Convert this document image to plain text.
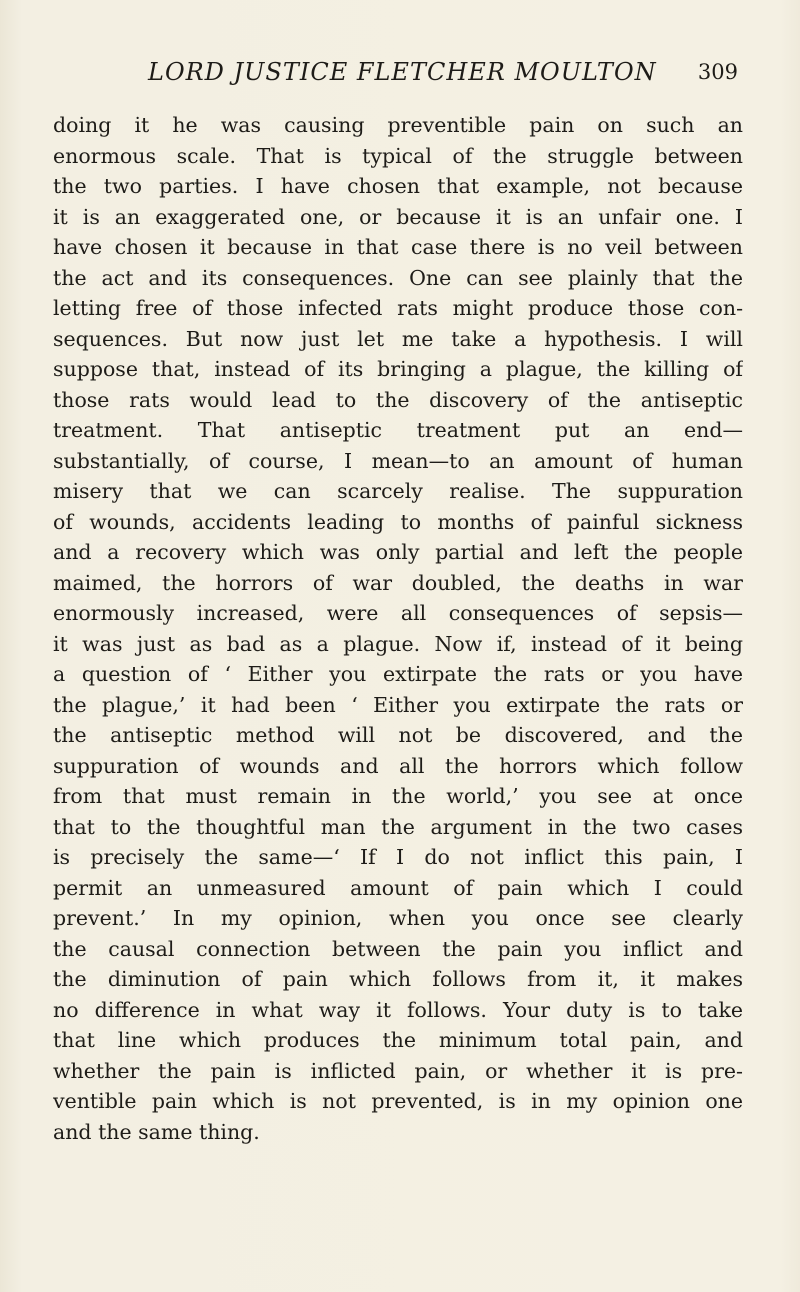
LORD JUSTICE FLETCHER MOULTON 309
doing it he was causing preventible pain on such an
enormous scale. That is typical of the struggle between
the two parties. I have chosen that example, not because
it is an exaggerated one, or because it is an unfair one. I
have chosen it because in that case there is no veil between
the act and its consequences. One can see plainly that the
letting free of those infected rats might produce those con-
sequences. But now just let me take a hypothesis. I will
suppose that, instead of its bringing a plague, the killing of
those rats would lead to the discovery of the antiseptic
treatment. That antiseptic treatment put an end—
substantially, of course, I mean—to an amount of human
misery that we can scarcely realise. The suppuration
of wounds, accidents leading to months of painful sickness
and a recovery which was only partial and left the people
maimed, the horrors of war doubled, the deaths in war
enormously increased, were all consequences of sepsis—
it was just as bad as a plague. Now if, instead of it being
a question of ‘ Either you extirpate the rats or you have
the plague,’ it had been ‘ Either you extirpate the rats or
the antiseptic method will not be discovered, and the
suppuration of wounds and all the horrors which follow
from that must remain in the world,’ you see at once
that to the thoughtful man the argument in the two cases
is precisely the same—‘ If I do not inflict this pain, I
permit an unmeasured amount of pain which I could
prevent.’ In my opinion, when you once see clearly
the causal connection between the pain you inflict and
the diminution of pain which follows from it, it makes
no difference in what way it follows. Your duty is to take
that line which produces the minimum total pain, and
whether the pain is inflicted pain, or whether it is pre-
ventible pain which is not prevented, is in my opinion one
and the same thing.
